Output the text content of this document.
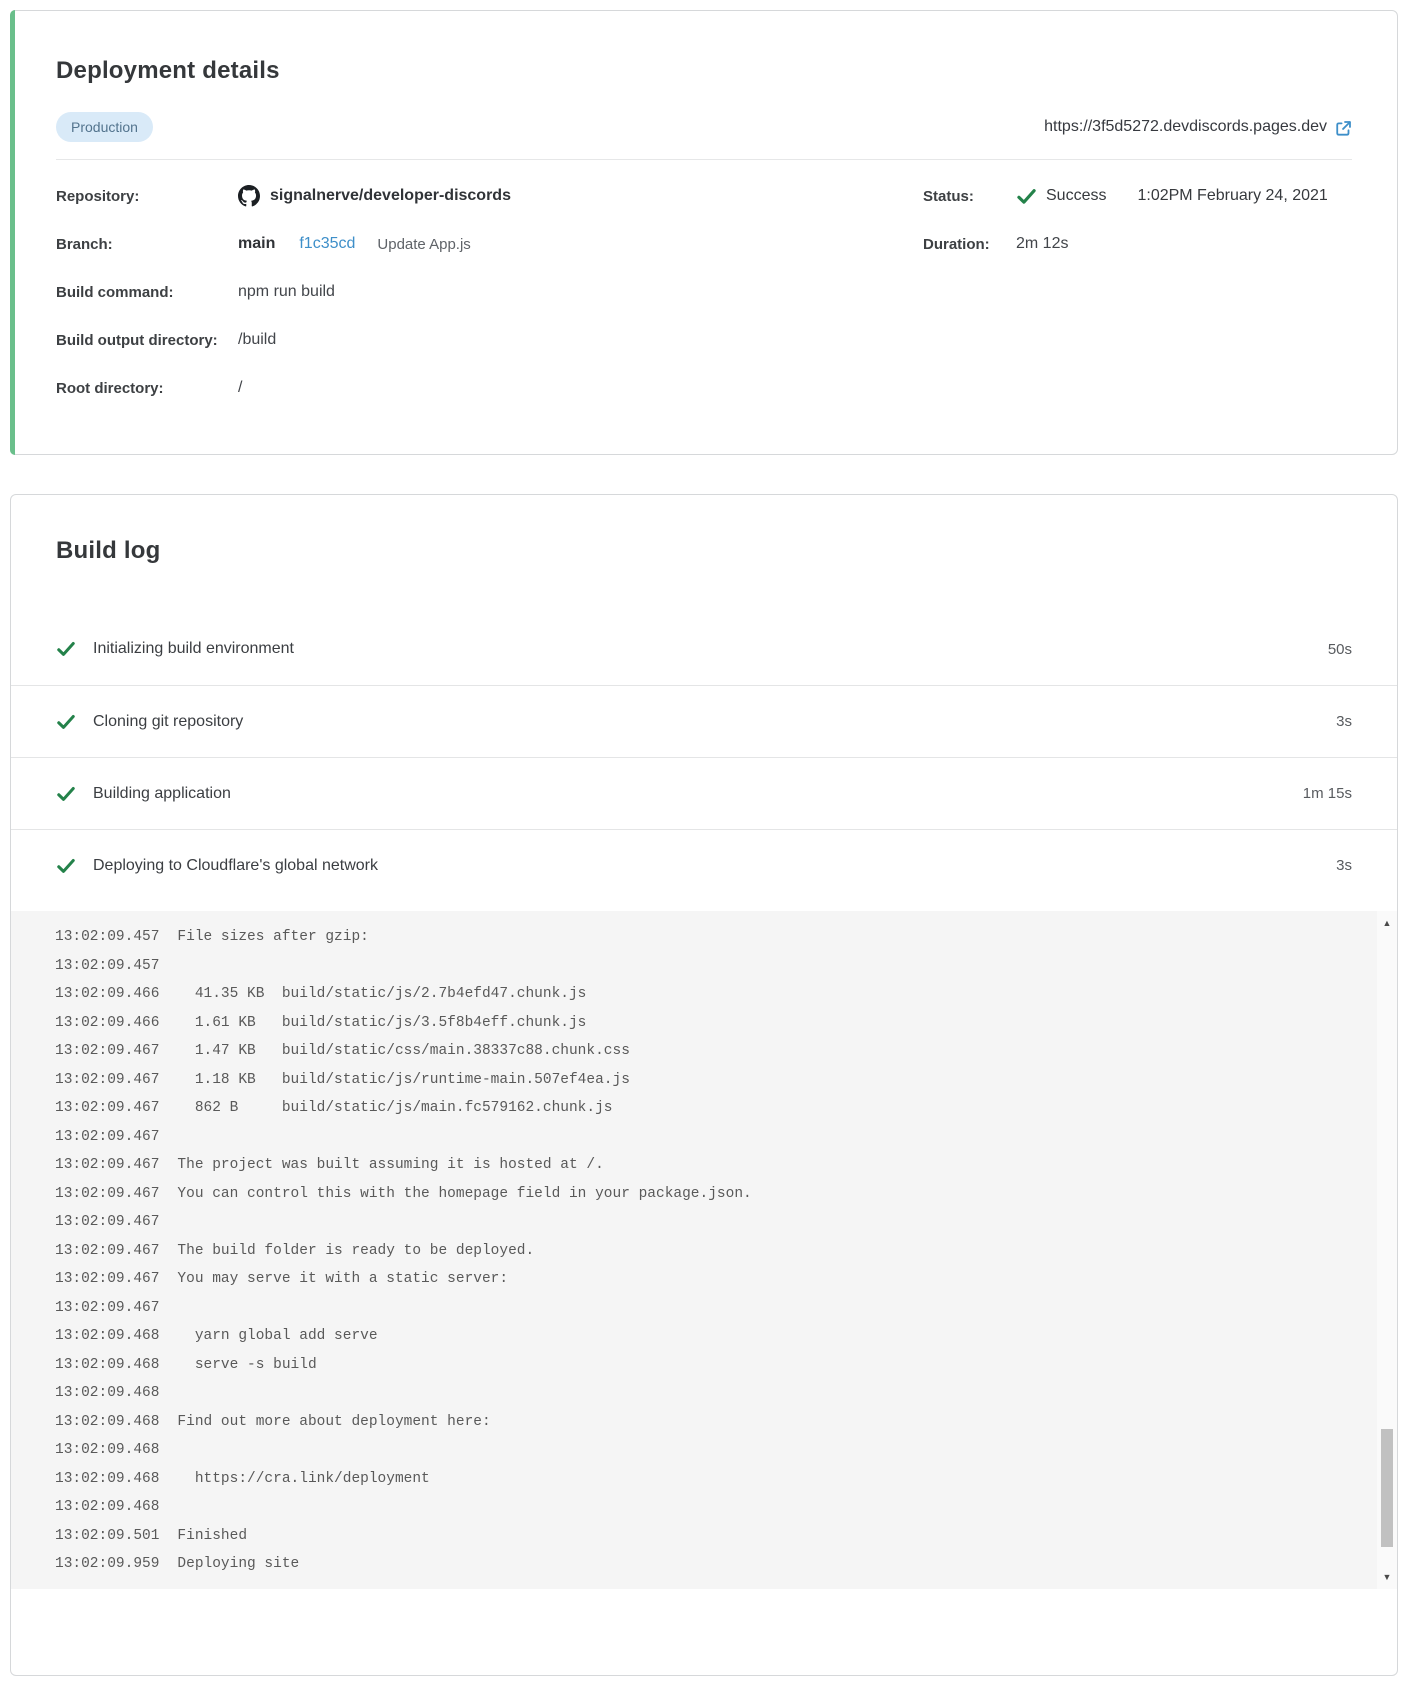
Deployment details
Production	https://3f5d5272.devdiscords.pages.dev
Repository:	signalnerve/developer-discords
Branch:	main f1c35cd Update App.js
Build command:	npm run build
Build output directory:	/build
Root directory:	/
Status:	Success 1:02PM February 24, 2021
Duration:	2m 12s
Build log
Initializing build environment	50s
Cloning git repository	3s
Building application	1m 15s
Deploying to Cloudflare's global network	3s
13:02:09.457 File sizes after gzip:
13:02:09.457
13:02:09.466  41.35 KB  build/static/js/2.7b4efd47.chunk.js
13:02:09.466  1.61 KB   build/static/js/3.5f8b4eff.chunk.js
13:02:09.467  1.47 KB   build/static/css/main.38337c88.chunk.css
13:02:09.467  1.18 KB   build/static/js/runtime-main.507ef4ea.js
13:02:09.467  862 B     build/static/js/main.fc579162.chunk.js
13:02:09.467
13:02:09.467 The project was built assuming it is hosted at /.
13:02:09.467 You can control this with the homepage field in your package.json.
13:02:09.467
13:02:09.467 The build folder is ready to be deployed.
13:02:09.467 You may serve it with a static server:
13:02:09.467
13:02:09.468  yarn global add serve
13:02:09.468  serve -s build
13:02:09.468
13:02:09.468 Find out more about deployment here:
13:02:09.468
13:02:09.468  https://cra.link/deployment
13:02:09.468
13:02:09.501 Finished
13:02:09.959 Deploying site
▲
▼
